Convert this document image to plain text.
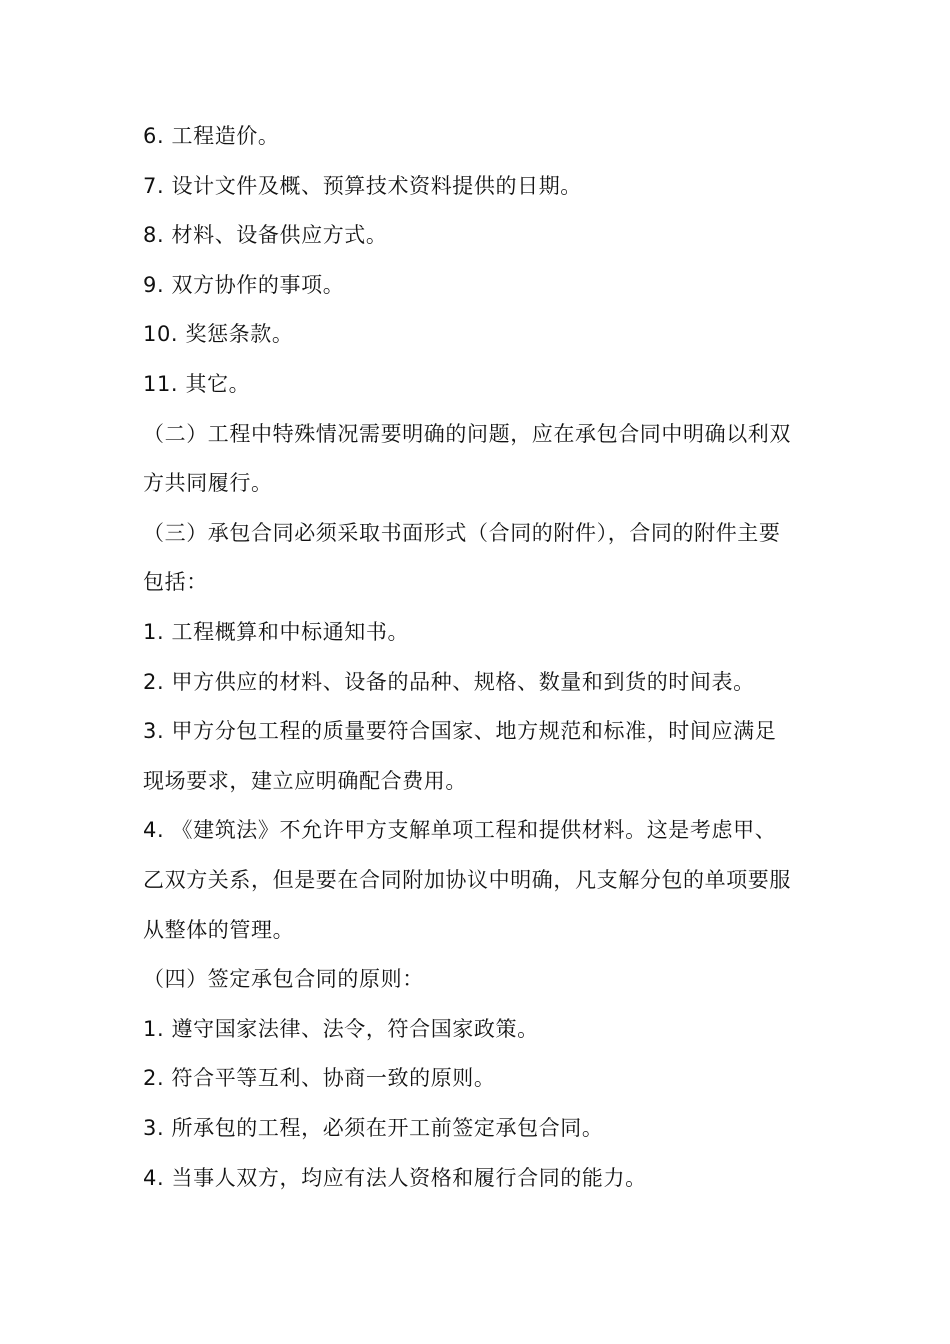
6. 工程造价。
7. 设计文件及概、预算技术资料提供的日期。
8. 材料、设备供应方式。
9. 双方协作的事项。
10. 奖惩条款。
11. 其它。
（二）工程中特殊情况需要明确的问题，应在承包合同中明确以利双
方共同履行。
（三）承包合同必须采取书面形式（合同的附件），合同的附件主要
包括：
1. 工程概算和中标通知书。
2. 甲方供应的材料、设备的品种、规格、数量和到货的时间表。
3. 甲方分包工程的质量要符合国家、地方规范和标准，时间应满足
现场要求，建立应明确配合费用。
4. 《建筑法》不允许甲方支解单项工程和提供材料。这是考虑甲、
乙双方关系，但是要在合同附加协议中明确，凡支解分包的单项要服
从整体的管理。
（四）签定承包合同的原则：
1. 遵守国家法律、法令，符合国家政策。
2. 符合平等互利、协商一致的原则。
3. 所承包的工程，必须在开工前签定承包合同。
4. 当事人双方，均应有法人资格和履行合同的能力。
